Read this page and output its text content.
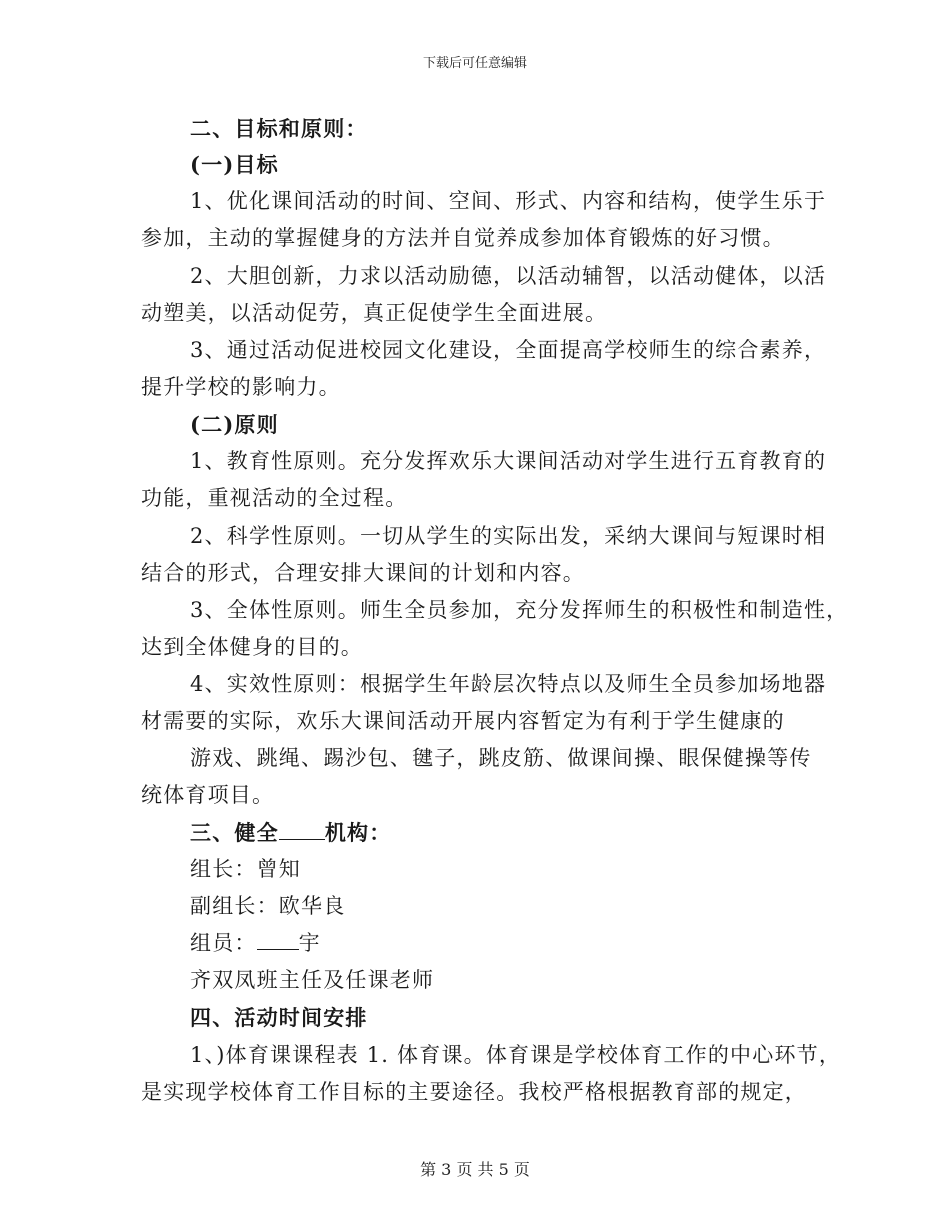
下载后可任意编辑
二、目标和原则：
(一)目标
1、优化课间活动的时间、空间、形式、内容和结构，使学生乐于
参加，主动的掌握健身的方法并自觉养成参加体育锻炼的好习惯。
2、大胆创新，力求以活动励德，以活动辅智，以活动健体，以活
动塑美，以活动促劳，真正促使学生全面进展。
3、通过活动促进校园文化建设，全面提高学校师生的综合素养，
提升学校的影响力。
(二)原则
1、教育性原则。充分发挥欢乐大课间活动对学生进行五育教育的
功能，重视活动的全过程。
2、科学性原则。一切从学生的实际出发，采纳大课间与短课时相
结合的形式，合理安排大课间的计划和内容。
3、全体性原则。师生全员参加，充分发挥师生的积极性和制造性，
达到全体健身的目的。
4、实效性原则：根据学生年龄层次特点以及师生全员参加场地器
材需要的实际，欢乐大课间活动开展内容暂定为有利于学生健康的
游戏、跳绳、踢沙包、毽子，跳皮筋、做课间操、眼保健操等传
统体育项目。
三、健全 机构：
组长：曾知
副组长：欧华良
组员： 宇
齐双凤班主任及任课老师
四、活动时间安排
1、)体育课课程表 1. 体育课。体育课是学校体育工作的中心环节，
是实现学校体育工作目标的主要途径。我校严格根据教育部的规定，
第 3 页 共 5 页
